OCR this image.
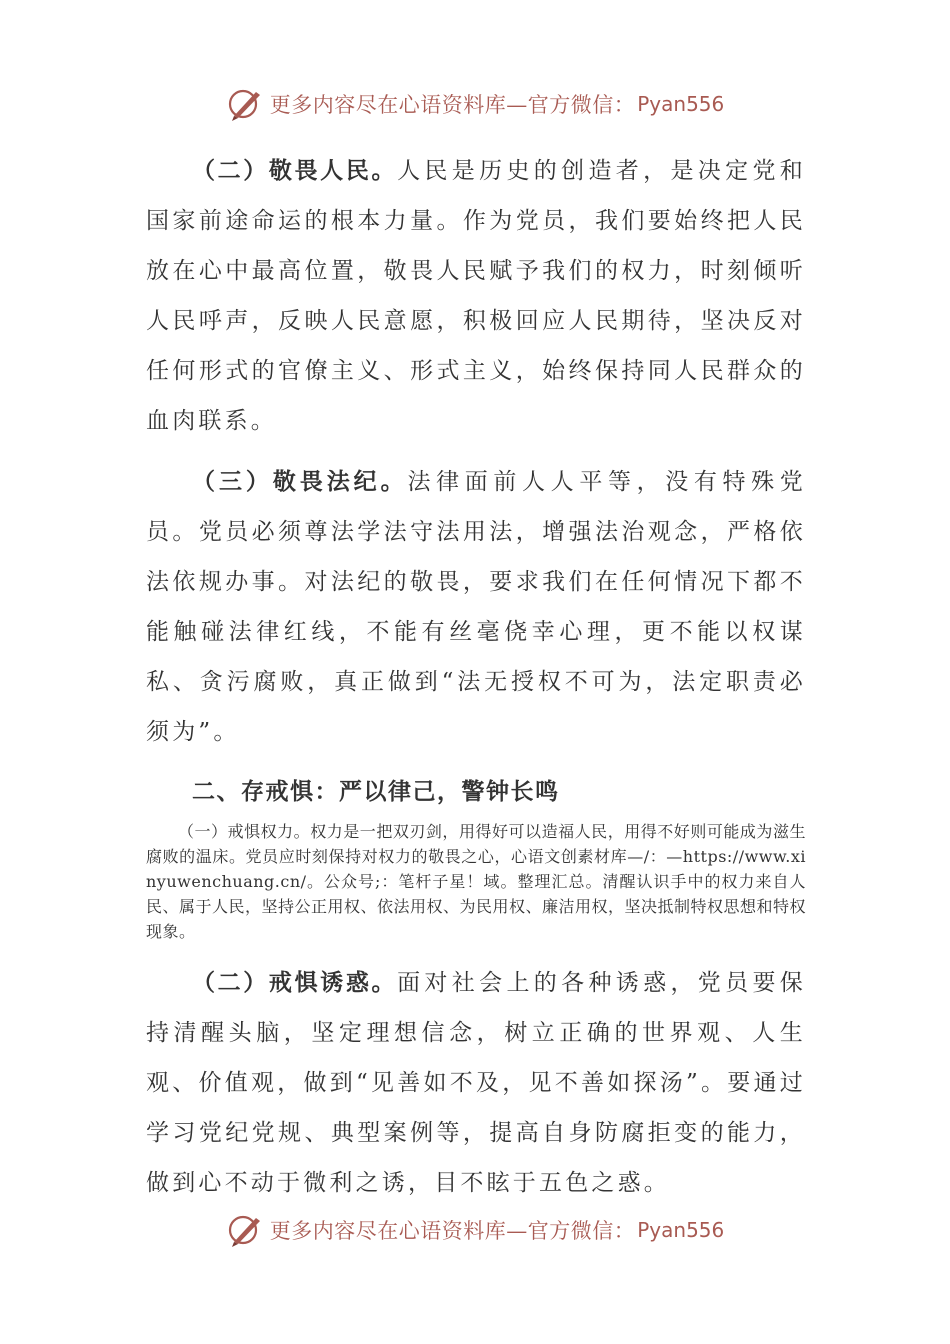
更多内容尽在心语资料库—官方微信： Pyan556

（二）敬畏人民。人民是历史的创造者，是决定党和国家前途命运的根本力量。作为党员，我们要始终把人民放在心中最高位置，敬畏人民赋予我们的权力，时刻倾听人民呼声，反映人民意愿，积极回应人民期待，坚决反对任何形式的官僚主义、形式主义，始终保持同人民群众的血肉联系。

（三）敬畏法纪。法律面前人人平等，没有特殊党员。党员必须尊法学法守法用法，增强法治观念，严格依法依规办事。对法纪的敬畏，要求我们在任何情况下都不能触碰法律红线，不能有丝毫侥幸心理，更不能以权谋私、贪污腐败，真正做到“法无授权不可为，法定职责必须为”。

二、存戒惧：严以律己，警钟长鸣

（一）戒惧权力。权力是一把双刃剑，用得好可以造福人民，用得不好则可能成为滋生腐败的温床。党员应时刻保持对权力的敬畏之心，心语文创素材库—/：—https://www.xinyuwenchuang.cn/。公众号;：笔杆子星！域。整理汇总。清醒认识手中的权力来自人民、属于人民，坚持公正用权、依法用权、为民用权、廉洁用权，坚决抵制特权思想和特权现象。

（二）戒惧诱惑。面对社会上的各种诱惑，党员要保持清醒头脑，坚定理想信念，树立正确的世界观、人生观、价值观，做到“见善如不及，见不善如探汤”。要通过学习党纪党规、典型案例等，提高自身防腐拒变的能力，做到心不动于微利之诱，目不眩于五色之惑。

更多内容尽在心语资料库—官方微信： Pyan556
